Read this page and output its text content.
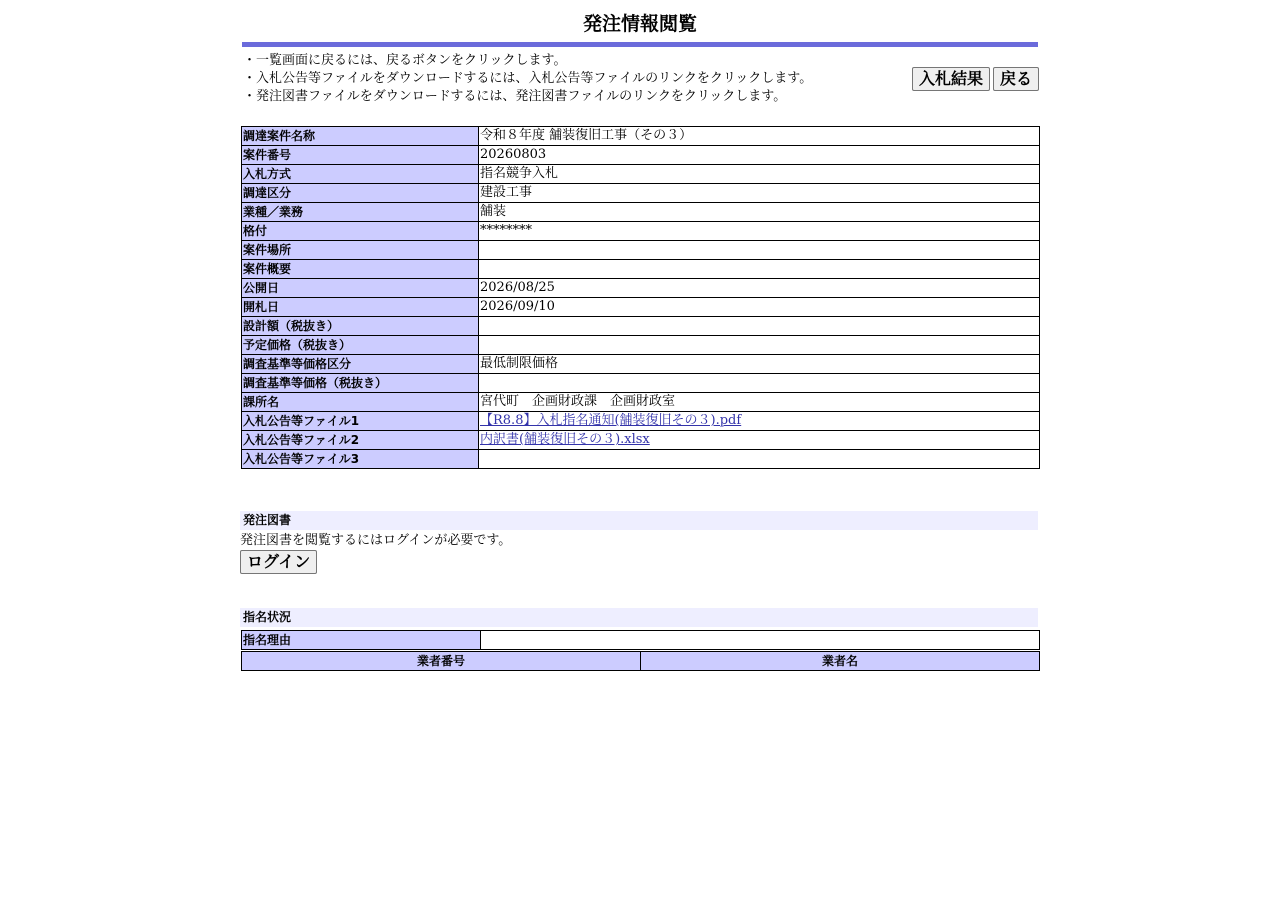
発注情報閲覧
・一覧画面に戻るには、戻るボタンをクリックします。
・入札公告等ファイルをダウンロードするには、入札公告等ファイルのリンクをクリックします。
・発注図書ファイルをダウンロードするには、発注図書ファイルのリンクをクリックします。
入札結果	戻る
調達案件名称	令和８年度 舗装復旧工事（その３）
案件番号	20260803
入札方式	指名競争入札
調達区分	建設工事
業種／業務	舗装
格付	********
案件場所	
案件概要	
公開日	2026/08/25
開札日	2026/09/10
設計額（税抜き）	
予定価格（税抜き）	
調査基準等価格区分	最低制限価格
調査基準等価格（税抜き）	
課所名	宮代町　企画財政課　企画財政室
入札公告等ファイル1	【R8.8】入札指名通知(舗装復旧その３).pdf
入札公告等ファイル2	内訳書(舗装復旧その３).xlsx
入札公告等ファイル3	
発注図書
発注図書を閲覧するにはログインが必要です。
ログイン
指名状況
指名理由	
業者番号	業者名
